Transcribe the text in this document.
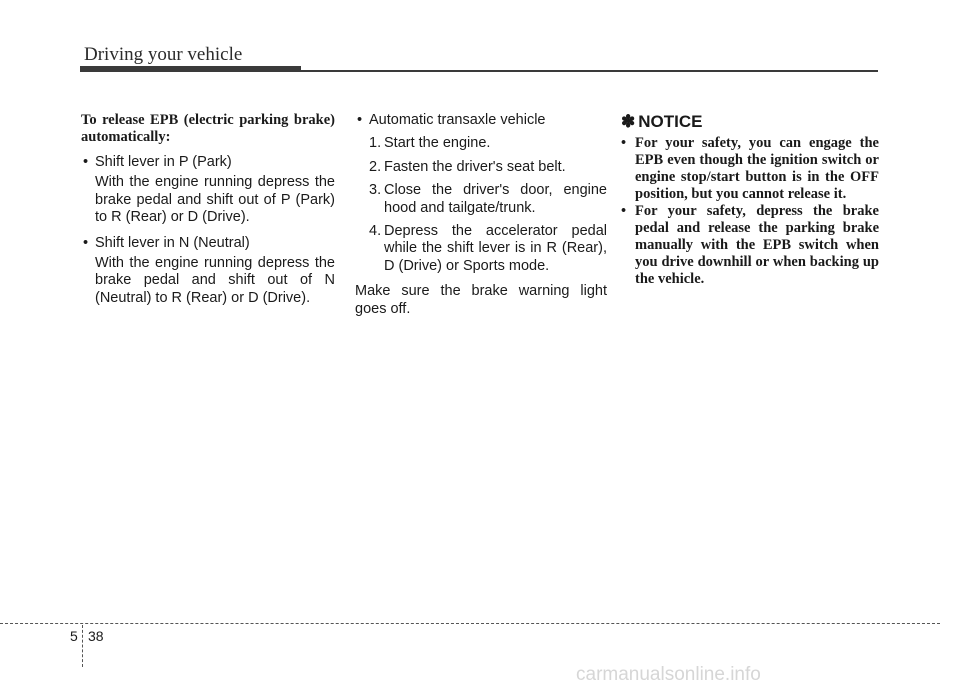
Driving your vehicle
To release EPB (electric parking brake) automatically:
• Shift lever in P (Park)
With the engine running depress the brake pedal and shift out of P (Park) to R (Rear) or D (Drive).
• Shift lever in N (Neutral)
With the engine running depress the brake pedal and shift out of N (Neutral) to R (Rear) or D (Drive).
• Automatic transaxle vehicle
1. Start the engine.
2. Fasten the driver's seat belt.
3. Close the driver's door, engine hood and tailgate/trunk.
4. Depress the accelerator pedal while the shift lever is in R (Rear), D (Drive) or Sports mode.
Make sure the brake warning light goes off.
✽ NOTICE
• For your safety, you can engage the EPB even though the ignition switch or engine stop/start button is in the OFF position, but you cannot release it.
• For your safety, depress the brake pedal and release the parking brake manually with the EPB switch when you drive downhill or when backing up the vehicle.
5 38
carmanualsonline.info
